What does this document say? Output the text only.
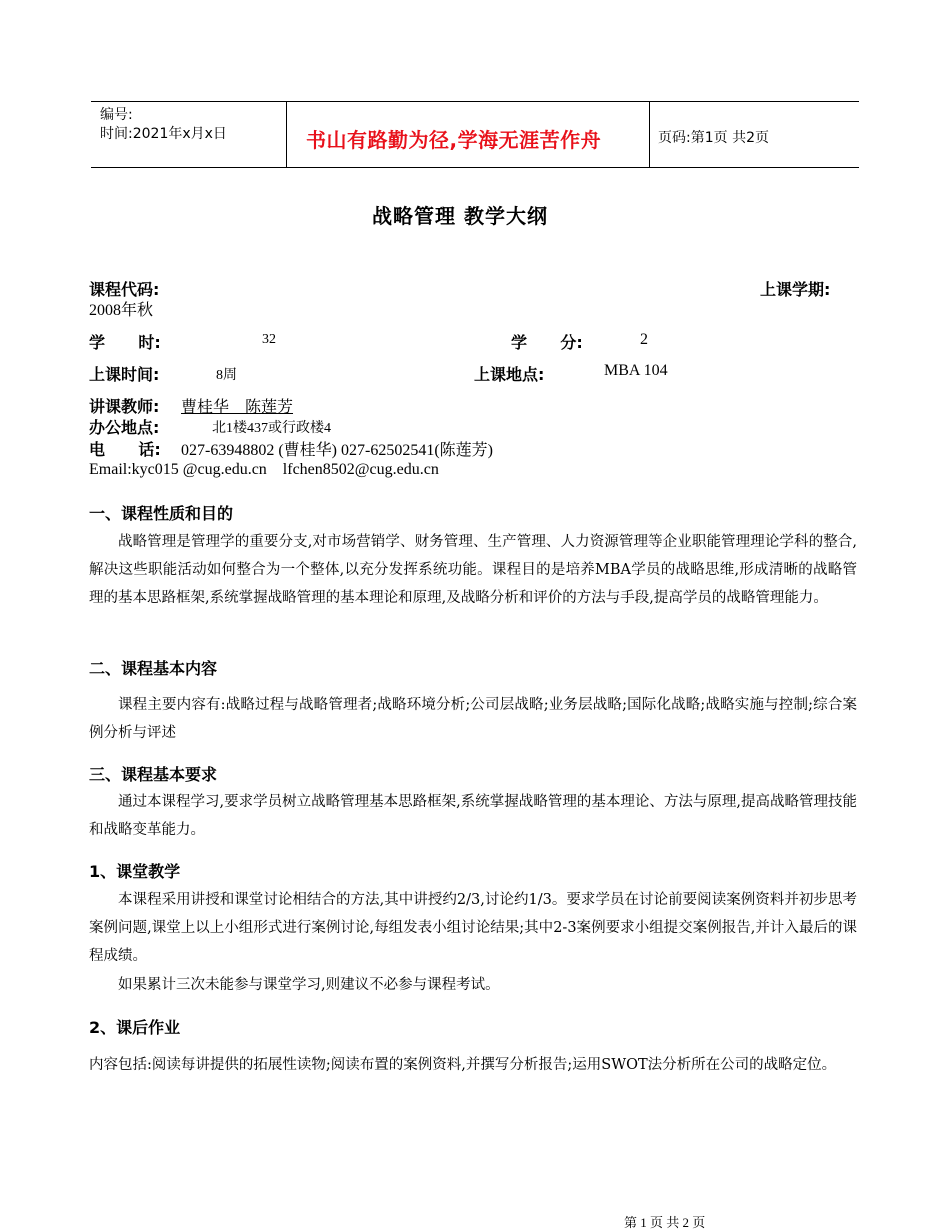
编号:
时间:2021年x月x日	书山有路勤为径,学海无涯苦作舟	页码:第1页 共2页
战略管理 教学大纲
课程代码:	上课学期:
2008年秋
学      时:	32	学      分:	2
上课时间:	8周	上课地点:	MBA 104
讲课教师: 曹桂华    陈莲芳
办公地点:	北1楼437或行政楼4
电      话: 027-63948802 (曹桂华) 027-62502541(陈莲芳)
Email:kyc015 @cug.edu.cn    lfchen8502@cug.edu.cn
一、课程性质和目的
战略管理是管理学的重要分支,对市场营销学、财务管理、生产管理、人力资源管理等企业职能管理理论学科的整合,解决这些职能活动如何整合为一个整体,以充分发挥系统功能。课程目的是培养MBA学员的战略思维,形成清晰的战略管理的基本思路框架,系统掌握战略管理的基本理论和原理,及战略分析和评价的方法与手段,提高学员的战略管理能力。
二、课程基本内容
课程主要内容有:战略过程与战略管理者;战略环境分析;公司层战略;业务层战略;国际化战略;战略实施与控制;综合案例分析与评述
三、课程基本要求
通过本课程学习,要求学员树立战略管理基本思路框架,系统掌握战略管理的基本理论、方法与原理,提高战略管理技能和战略变革能力。
1、课堂教学
本课程采用讲授和课堂讨论相结合的方法,其中讲授约2/3,讨论约1/3。要求学员在讨论前要阅读案例资料并初步思考案例问题,课堂上以上小组形式进行案例讨论,每组发表小组讨论结果;其中2-3案例要求小组提交案例报告,并计入最后的课程成绩。
如果累计三次未能参与课堂学习,则建议不必参与课程考试。
2、课后作业
内容包括:阅读每讲提供的拓展性读物;阅读布置的案例资料,并撰写分析报告;运用SWOT法分析所在公司的战略定位。
第 1 页 共 2 页
